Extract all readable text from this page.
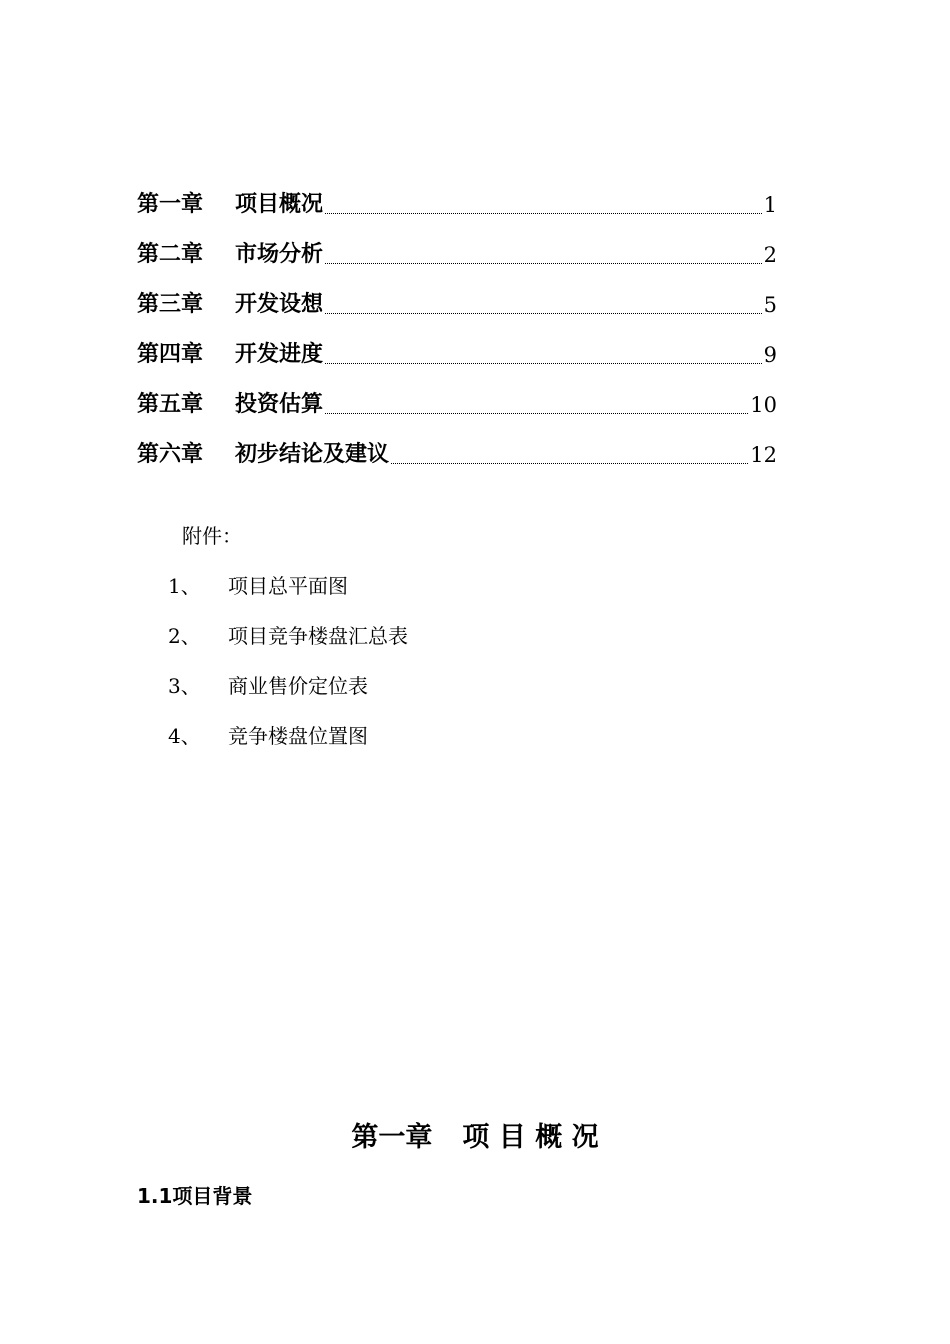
第一章	项目概况	1
第二章	市场分析	2
第三章	开发设想	5
第四章	开发进度	9
第五章	投资估算	10
第六章	初步结论及建议	12
附件：
1、 项目总平面图
2、 项目竞争楼盘汇总表
3、 商业售价定位表
4、 竞争楼盘位置图
第一章 项 目 概 况
1.1项目背景
